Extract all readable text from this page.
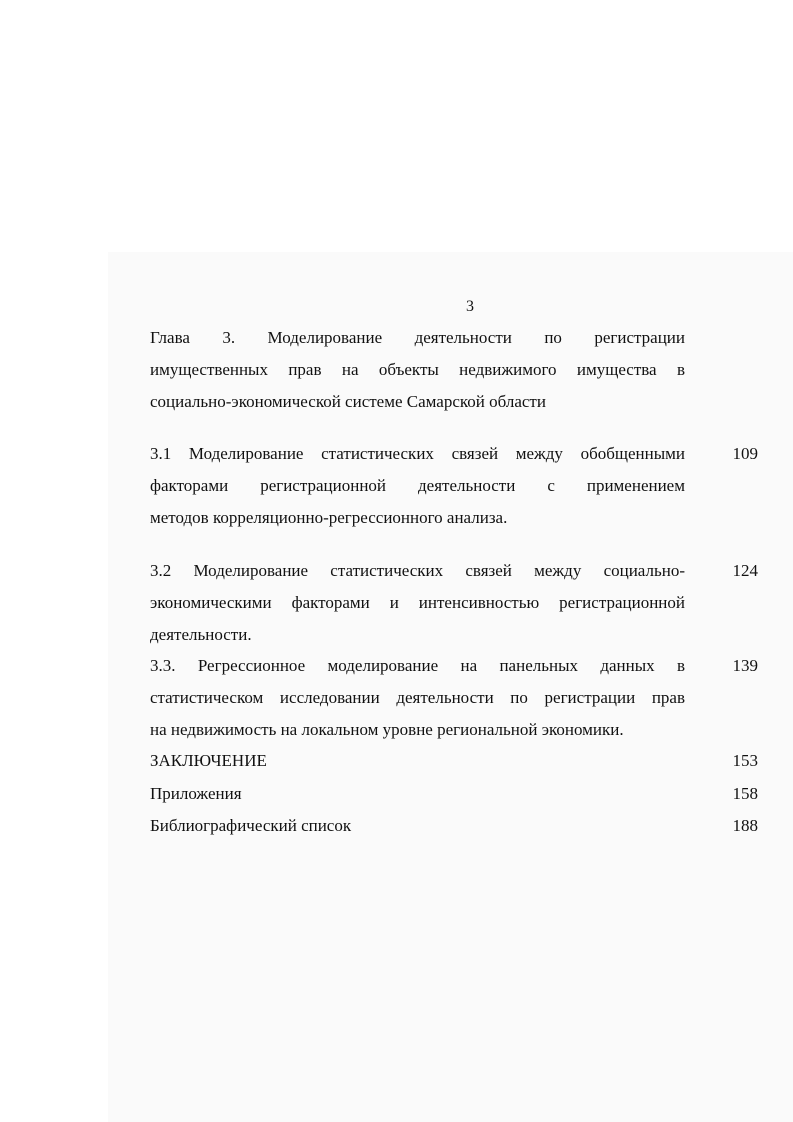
3
Глава 3. Моделирование деятельности по регистрации
имущественных прав на объекты недвижимого имущества в
социально-экономической системе Самарской области
3.1 Моделирование статистических связей между обобщенными
факторами регистрационной деятельности с применением
методов корреляционно-регрессионного анализа.
109
3.2 Моделирование статистических связей между социально-
экономическими факторами и интенсивностью регистрационной
деятельности.
124
3.3. Регрессионное моделирование на панельных данных в
статистическом исследовании деятельности по регистрации прав
на недвижимость на локальном уровне региональной экономики.
139
ЗАКЛЮЧЕНИЕ	153
Приложения	158
Библиографический список	188
